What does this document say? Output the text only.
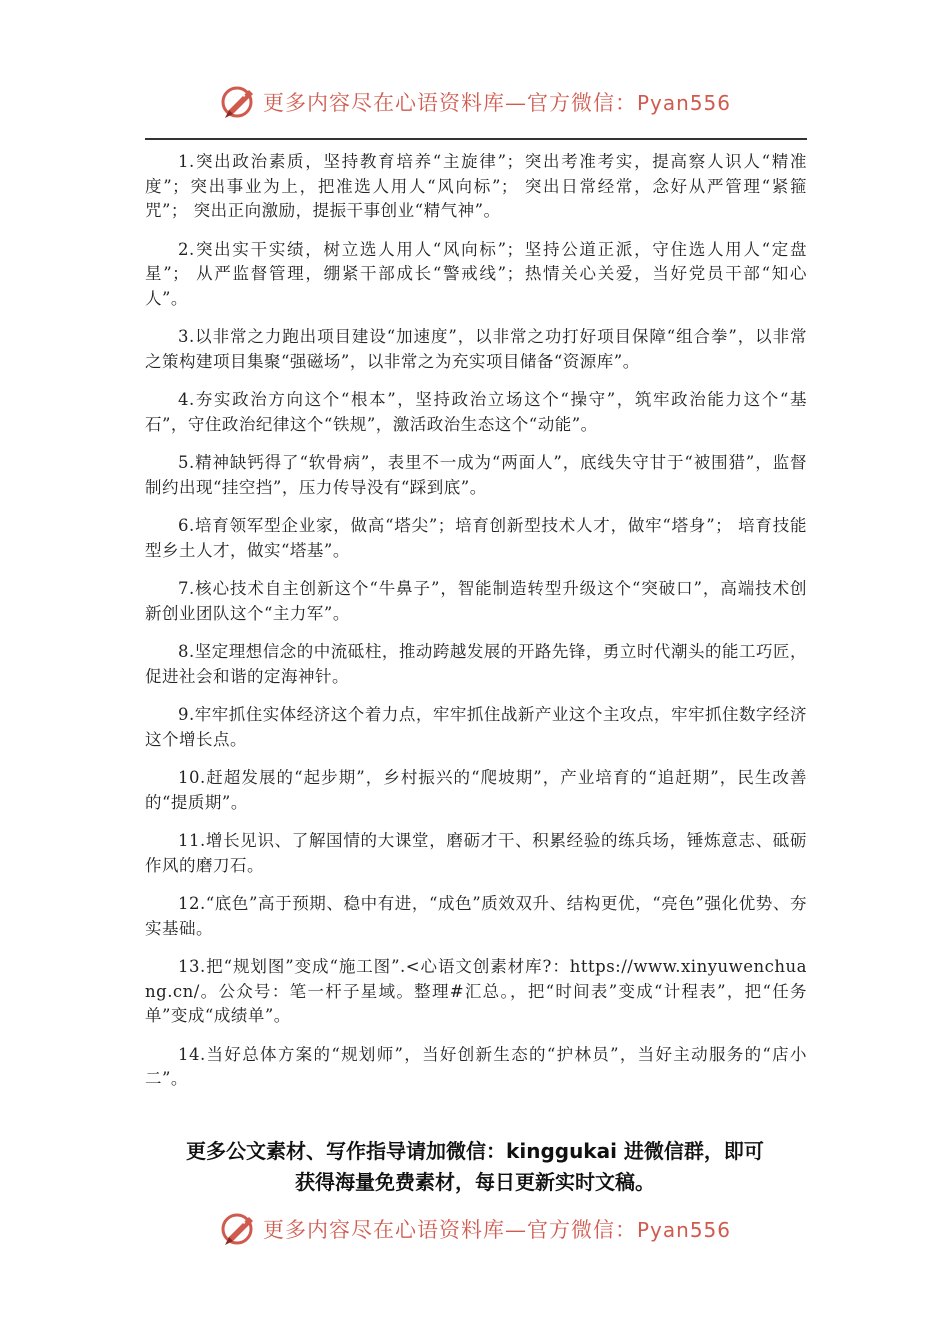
更多内容尽在心语资料库—官方微信：Pyan556

1.突出政治素质，坚持教育培养“主旋律”；突出考准考实，提高察人识人“精准度”；突出事业为上，把准选人用人“风向标”； 突出日常经常，念好从严管理“紧箍咒”； 突出正向激励，提振干事创业“精气神”。

2.突出实干实绩，树立选人用人“风向标”；坚持公道正派，守住选人用人“定盘星”； 从严监督管理，绷紧干部成长“警戒线”；热情关心关爱，当好党员干部“知心人”。

3.以非常之力跑出项目建设“加速度”，以非常之功打好项目保障“组合拳”，以非常之策构建项目集聚“强磁场”，以非常之为充实项目储备“资源库”。

4.夯实政治方向这个“根本”，坚持政治立场这个“操守”，筑牢政治能力这个“基石”，守住政治纪律这个“铁规”，激活政治生态这个“动能”。

5.精神缺钙得了“软骨病”，表里不一成为“两面人”，底线失守甘于“被围猎”，监督制约出现“挂空挡”，压力传导没有“踩到底”。

6.培育领军型企业家，做高“塔尖”；培育创新型技术人才，做牢“塔身”； 培育技能型乡土人才，做实“塔基”。

7.核心技术自主创新这个“牛鼻子”，智能制造转型升级这个“突破口”，高端技术创新创业团队这个“主力军”。

8.坚定理想信念的中流砥柱，推动跨越发展的开路先锋，勇立时代潮头的能工巧匠，促进社会和谐的定海神针。

9.牢牢抓住实体经济这个着力点，牢牢抓住战新产业这个主攻点，牢牢抓住数字经济这个增长点。

10.赶超发展的“起步期”，乡村振兴的“爬坡期”，产业培育的“追赶期”，民生改善的“提质期”。

11.增长见识、了解国情的大课堂，磨砺才干、积累经验的练兵场，锤炼意志、砥砺作风的磨刀石。

12.“底色”高于预期、稳中有进，“成色”质效双升、结构更优，“亮色”强化优势、夯实基础。

13.把“规划图”变成“施工图”.<心语文创素材库?：https://www.xinyuwenchuang.cn/。公众号：笔一杆子星域。整理#汇总。，把“时间表”变成“计程表”，把“任务单”变成“成绩单”。

14.当好总体方案的“规划师”，当好创新生态的“护林员”，当好主动服务的“店小二”。

更多公文素材、写作指导请加微信：kinggukai 进微信群，即可
获得海量免费素材，每日更新实时文稿。
更多内容尽在心语资料库—官方微信：Pyan556
